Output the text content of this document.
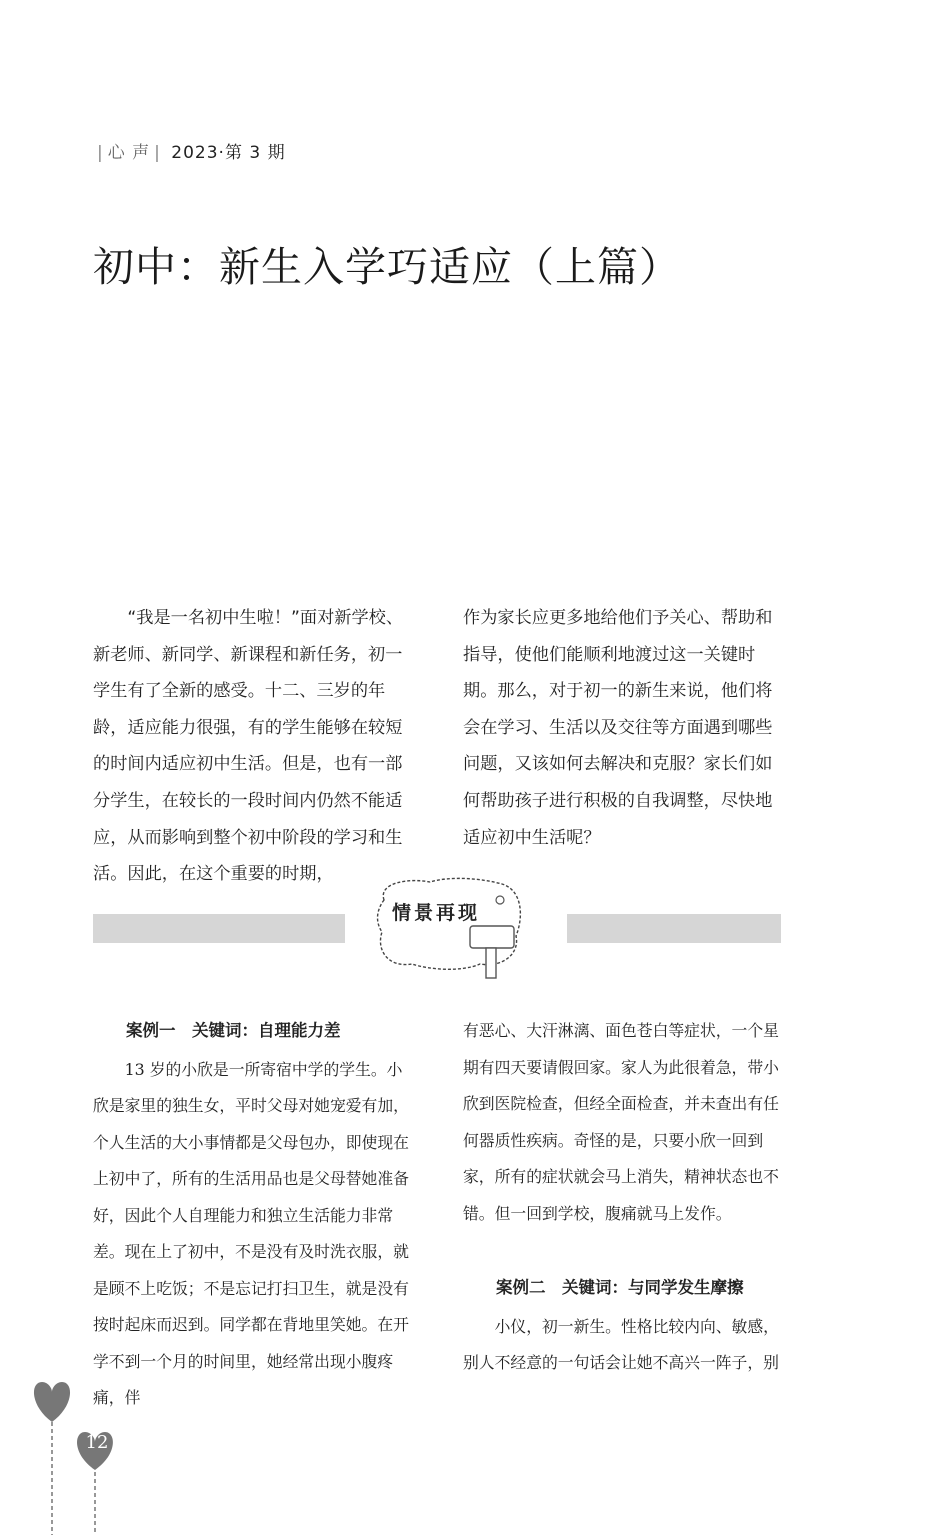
| 心 声 | 2023·第 3 期
初中：新生入学巧适应（上篇）

“我是一名初中生啦！”面对新学校、新老师、新同学、新课程和新任务，初一学生有了全新的感受。十二、三岁的年龄，适应能力很强，有的学生能够在较短的时间内适应初中生活。但是，也有一部分学生，在较长的一段时间内仍然不能适应，从而影响到整个初中阶段的学习和生活。因此，在这个重要的时期，

作为家长应更多地给他们予关心、帮助和指导，使他们能顺利地渡过这一关键时期。那么，对于初一的新生来说，他们将会在学习、生活以及交往等方面遇到哪些问题，又该如何去解决和克服？家长们如何帮助孩子进行积极的自我调整，尽快地适应初中生活呢？

情景再现

案例一　关键词：自理能力差

13 岁的小欣是一所寄宿中学的学生。小欣是家里的独生女，平时父母对她宠爱有加，个人生活的大小事情都是父母包办，即使现在上初中了，所有的生活用品也是父母替她准备好，因此个人自理能力和独立生活能力非常差。现在上了初中，不是没有及时洗衣服，就是顾不上吃饭；不是忘记打扫卫生，就是没有按时起床而迟到。同学都在背地里笑她。在开学不到一个月的时间里，她经常出现小腹疼痛，伴

有恶心、大汗淋漓、面色苍白等症状，一个星期有四天要请假回家。家人为此很着急，带小欣到医院检查，但经全面检查，并未查出有任何器质性疾病。奇怪的是，只要小欣一回到家，所有的症状就会马上消失，精神状态也不错。但一回到学校，腹痛就马上发作。

案例二　关键词：与同学发生摩擦

小仪，初一新生。性格比较内向、敏感，别人不经意的一句话会让她不高兴一阵子，别

12
